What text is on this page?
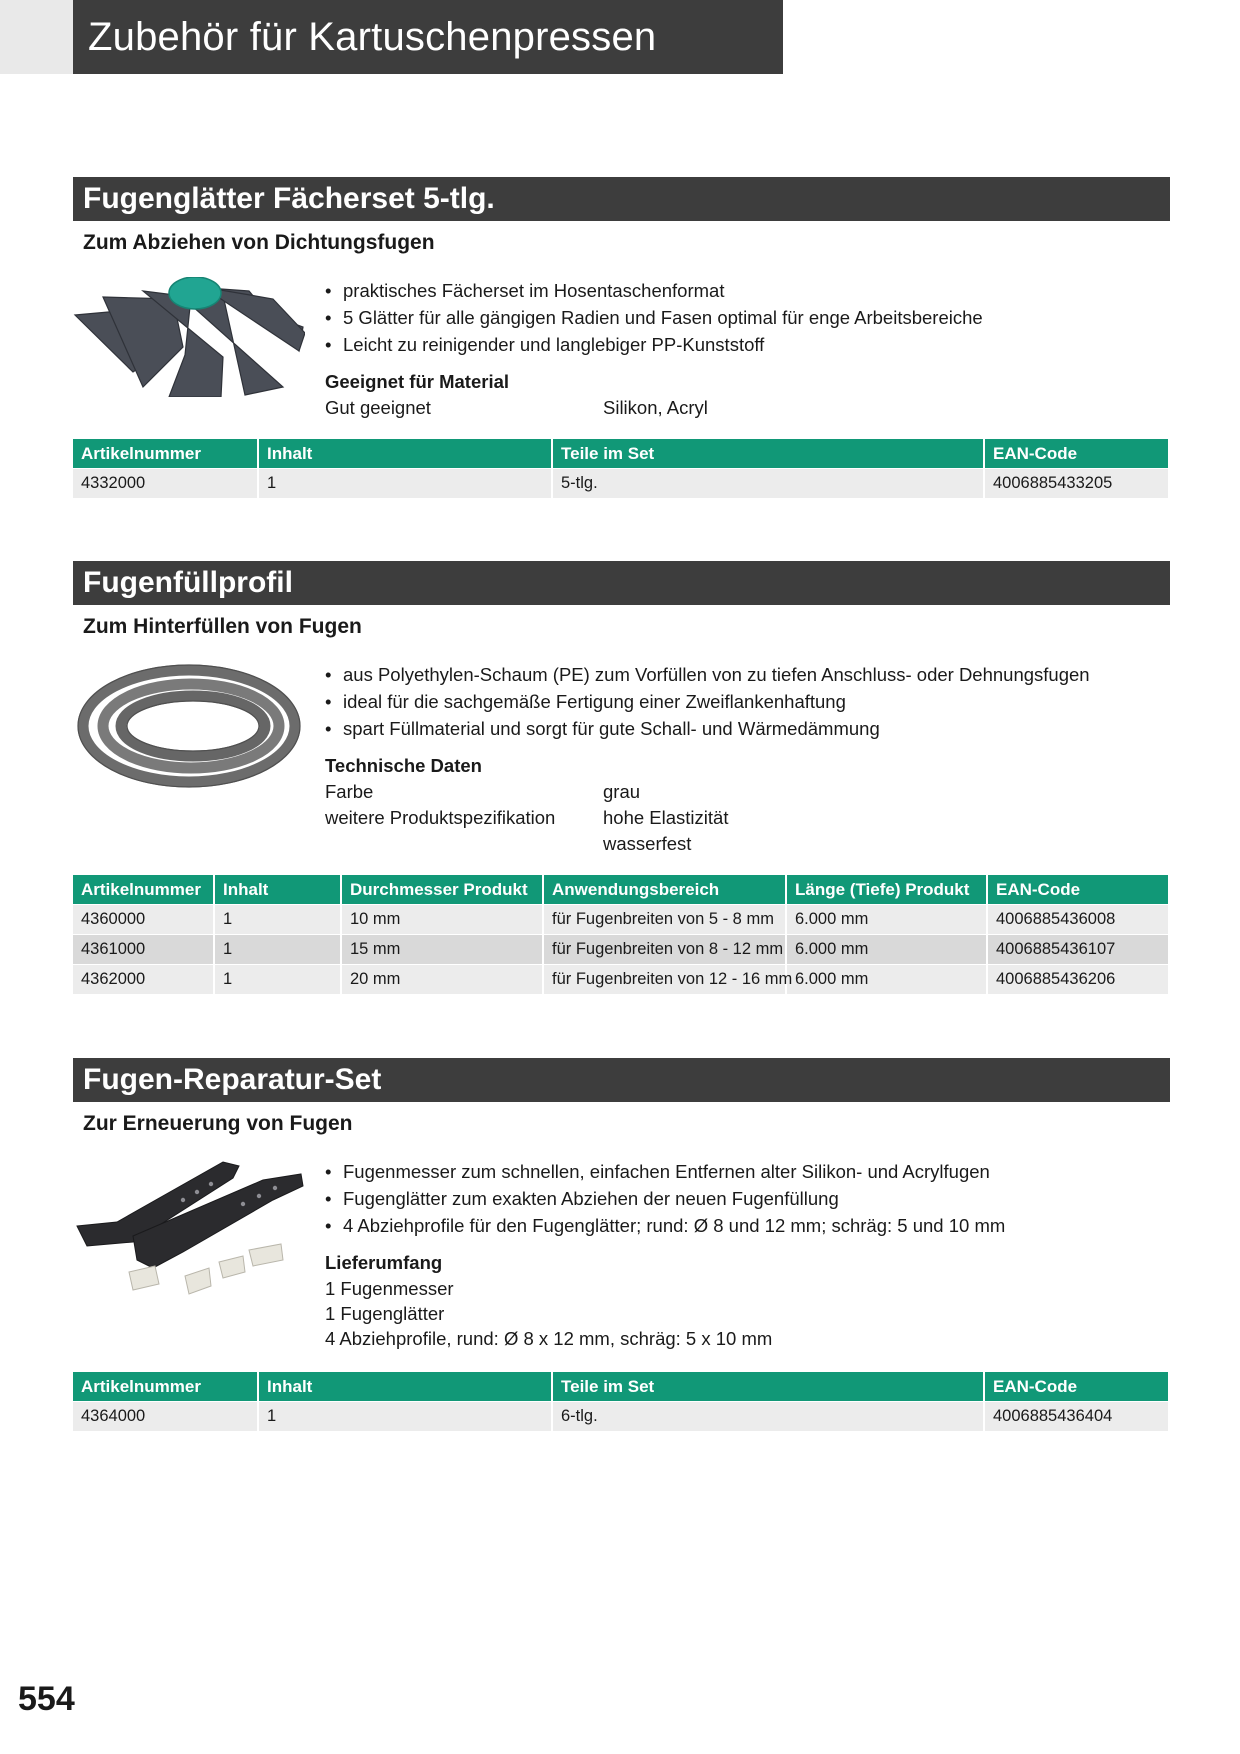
Zubehör für Kartuschenpressen
Fugenglätter Fächerset 5-tlg.
Zum Abziehen von Dichtungsfugen
• praktisches Fächerset im Hosentaschenformat
• 5 Glätter für alle gängigen Radien und Fasen optimal für enge Arbeitsbereiche
• Leicht zu reinigender und langlebiger PP-Kunststoff
Geeignet für Material
Gut geeignet	Silikon, Acryl
Artikelnummer	Inhalt	Teile im Set	EAN-Code
4332000	1	5-tlg.	4006885433205
Fugenfüllprofil
Zum Hinterfüllen von Fugen
• aus Polyethylen-Schaum (PE) zum Vorfüllen von zu tiefen Anschluss- oder Dehnungsfugen
• ideal für die sachgemäße Fertigung einer Zweiflankenhaftung
• spart Füllmaterial und sorgt für gute Schall- und Wärmedämmung
Technische Daten
Farbe	grau
weitere Produktspezifikation	hohe Elastizität
wasserfest
Artikelnummer	Inhalt	Durchmesser Produkt	Anwendungsbereich	Länge (Tiefe) Produkt	EAN-Code
4360000	1	10 mm	für Fugenbreiten von 5 - 8 mm	6.000 mm	4006885436008
4361000	1	15 mm	für Fugenbreiten von 8 - 12 mm	6.000 mm	4006885436107
4362000	1	20 mm	für Fugenbreiten von 12 - 16 mm	6.000 mm	4006885436206
Fugen-Reparatur-Set
Zur Erneuerung von Fugen
• Fugenmesser zum schnellen, einfachen Entfernen alter Silikon- und Acrylfugen
• Fugenglätter zum exakten Abziehen der neuen Fugenfüllung
• 4 Abziehprofile für den Fugenglätter; rund: Ø 8 und 12 mm; schräg: 5 und 10 mm
Lieferumfang
1 Fugenmesser
1 Fugenglätter
4 Abziehprofile, rund: Ø 8 x 12 mm, schräg: 5 x 10 mm
Artikelnummer	Inhalt	Teile im Set	EAN-Code
4364000	1	6-tlg.	4006885436404
554
